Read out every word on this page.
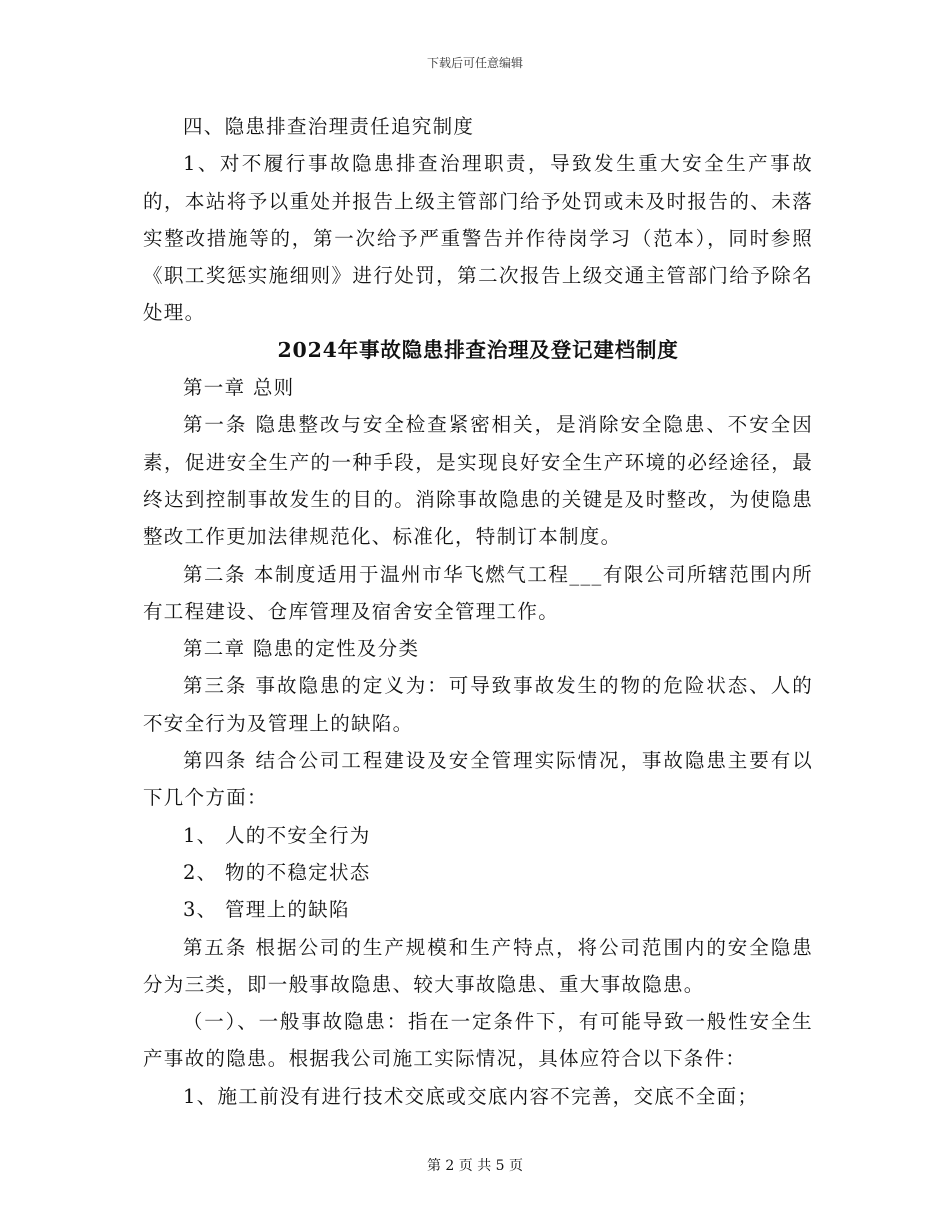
下载后可任意编辑

四、隐患排查治理责任追究制度

1、对不履行事故隐患排查治理职责，导致发生重大安全生产事故的，本站将予以重处并报告上级主管部门给予处罚或未及时报告的、未落实整改措施等的，第一次给予严重警告并作待岗学习（范本），同时参照《职工奖惩实施细则》进行处罚，第二次报告上级交通主管部门给予除名处理。

2024年事故隐患排查治理及登记建档制度

第一章 总则

第一条 隐患整改与安全检查紧密相关，是消除安全隐患、不安全因素，促进安全生产的一种手段，是实现良好安全生产环境的必经途径，最终达到控制事故发生的目的。消除事故隐患的关键是及时整改，为使隐患整改工作更加法律规范化、标准化，特制订本制度。

第二条 本制度适用于温州市华飞燃气工程___有限公司所辖范围内所有工程建设、仓库管理及宿舍安全管理工作。

第二章 隐患的定性及分类

第三条 事故隐患的定义为：可导致事故发生的物的危险状态、人的不安全行为及管理上的缺陷。

第四条 结合公司工程建设及安全管理实际情况，事故隐患主要有以下几个方面：

1、 人的不安全行为

2、 物的不稳定状态

3、 管理上的缺陷

第五条 根据公司的生产规模和生产特点，将公司范围内的安全隐患分为三类，即一般事故隐患、较大事故隐患、重大事故隐患。

（一）、一般事故隐患：指在一定条件下，有可能导致一般性安全生产事故的隐患。根据我公司施工实际情况，具体应符合以下条件：

1、施工前没有进行技术交底或交底内容不完善，交底不全面；

第 2 页 共 5 页
